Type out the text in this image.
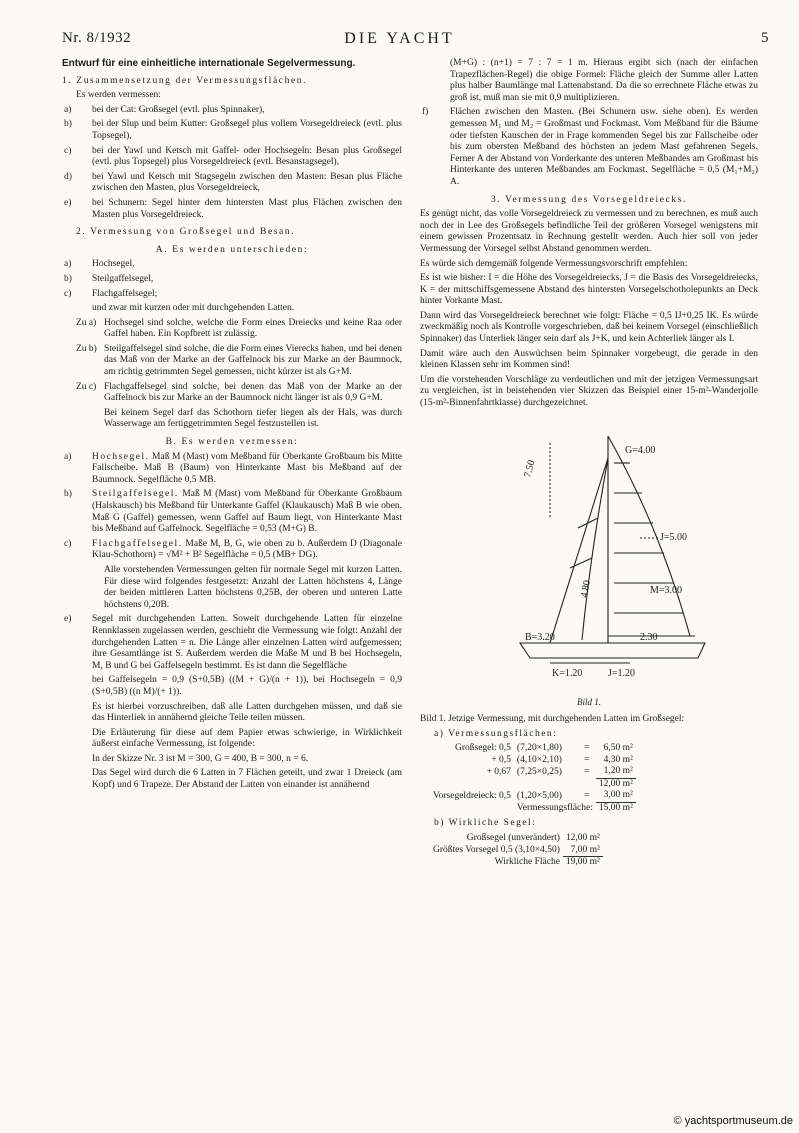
Nr. 8/1932	DIE YACHT	5

Entwurf für eine einheitliche internationale Segelvermessung.

1. Zusammensetzung der Vermessungsflächen.

Es werden vermessen:

a) bei der Cat: Großsegel (evtl. plus Spinnaker),

b) bei der Slup und beim Kutter: Großsegel plus vollem Vorsegeldreieck (evtl. plus Topsegel),

c) bei der Yawl und Ketsch mit Gaffel- oder Hochsegeln: Besan plus Großsegel (evtl. plus Topsegel) plus Vorsegeldreieck (evtl. Besanstagsegel),

d) bei Yawl und Ketsch mit Stagsegeln zwischen den Masten: Besan plus Fläche zwischen den Masten, plus Vorsegeldreieck,

e) bei Schunern: Segel hinter dem hintersten Mast plus Flächen zwischen den Masten plus Vorsegeldreieck.

2. Vermessung von Großsegel und Besan.

A. Es werden unterschieden:

a) Hochsegel,

b) Steilgaffelsegel,

c) Flachgaffelsegel;

und zwar mit kurzen oder mit durchgehenden Latten.

Zu a) Hochsegel sind solche, welche die Form eines Dreiecks und keine Raa oder Gaffel haben. Ein Kopfbrett ist zulässig.

Zu b) Steilgaffelsegel sind solche, die die Form eines Vierecks haben, und bei denen das Maß von der Marke an der Gaffelnock bis zur Marke an der Baumnock, am richtig getrimmten Segel gemessen, nicht kürzer ist als G+M.

Zu c) Flachgaffelsegel sind solche, bei denen das Maß von der Marke an der Gaffelnock bis zur Marke an der Baumnock nicht länger ist als 0,9 G+M.

Bei keinem Segel darf das Schothorn tiefer liegen als der Hals, was durch Wasserwage am fertiggetrimmten Segel festzustellen ist.

B. Es werden vermessen:

a) Hochsegel. Maß M (Mast) vom Meßband für Oberkante Großbaum bis Mitte Fallscheibe. Maß B (Baum) von Hinterkante Mast bis Meßband auf der Baumnock. Segelfläche 0,5 MB.

b) Steilgaffelsegel. Maß M (Mast) vom Meßband für Oberkante Großbaum (Halskausch) bis Meßband für Unterkante Gaffel (Klaukausch) Maß B wie oben. Maß G (Gaffel) gemessen, wenn Gaffel auf Baum liegt, von Hinterkante Mast bis Meßband auf Gaffelnock. Segelfläche = 0,53 (M+G) B.

c) Flachgaffelsegel. Maße M, B, G, wie oben zu b. Außerdem D (Diagonale Klau-Schothorn) = √M² + B² Segelfläche = 0,5 (MB+ DG).

Alle vorstehenden Vermessungen gelten für normale Segel mit kurzen Latten. Für diese wird folgendes festgesetzt: Anzahl der Latten höchstens 4, Länge der beiden mittleren Latten höchstens 0,25B, der oberen und unteren Latte höchstens 0,20B.

e) Segel mit durchgehenden Latten. Soweit durchgehende Latten für einzelne Rennklassen zugelassen werden, geschieht die Vermessung wie folgt: Anzahl der durchgehenden Latten = n. Die Länge aller einzelnen Latten wird aufgemessen; ihre Gesamtlänge ist S. Außerdem werden die Maße M und B bei Hochsegeln, M, B und G bei Gaffelsegeln bestimmt. Es ist dann die Segelfläche

bei Gaffelsegeln = 0,9 (S+0,5B) ((M + G)/(n + 1)), bei Hochsegeln = 0,9 (S+0,5B) ((n M)/(+ 1)).

Es ist hierbei vorzuschreiben, daß alle Latten durchgehen müssen, und daß sie das Hinterliek in annähernd gleiche Teile teilen müssen.

Die Erläuterung für diese auf dem Papier etwas schwierige, in Wirklichkeit äußerst einfache Vermessung, ist folgende:

In der Skizze Nr. 3 ist M = 300, G = 400, B = 300, n = 6.

Das Segel wird durch die 6 Latten in 7 Flächen geteilt, und zwar 1 Dreieck (am Kopf) und 6 Trapeze. Der Abstand der Latten von einander ist annähernd

(M+G) : (n+1) = 7 : 7 = 1 m. Hieraus ergibt sich (nach der einfachen Trapezflächen-Regel) die obige Formel: Fläche gleich der Summe aller Latten plus halber Baumlänge mal Lattenabstand. Da die so errechnete Fläche etwas zu groß ist, muß man sie mit 0,9 multiplizieren.

f) Flächen zwischen den Masten. (Bei Schunern usw. siehe oben). Es werden gemessen M₁ und M₂ = Großmast und Fockmast. Vom Meßband für die Bäume oder tiefsten Kauschen der in Frage kommenden Segel bis zur Fallscheibe oder bis zum obersten Meßband des höchsten an jedem Mast gefahrenen Segels. Ferner A der Abstand von Vorderkante des unteren Meßbandes am Großmast bis Hinterkante des unteren Meßbandes am Fockmast. Segelfläche = 0,5 (M₁+M₂) A.

3. Vermessung des Vorsegeldreiecks.

Es genügt nicht, das volle Vorsegeldreieck zu vermessen und zu berechnen, es muß auch noch der in Lee des Großsegels befindliche Teil der größeren Vorsegel wenigstens mit einem gewissen Prozentsatz in Rechnung gestellt werden. Auch hier soll von jeder Vermessung der Vorsegel selbst Abstand genommen werden.

Es würde sich demgemäß folgende Vermessungsvorschrift empfehlen:

Es ist wie bisher: I = die Höhe des Vorsegeldreiecks, J = die Basis des Vorsegeldreiecks, K = der mittschiffsgemessene Abstand des hintersten Vorsegelschotholepunkts an Deck hinter Vorkante Mast.

Dann wird das Vorsegeldreieck berechnet wie folgt: Fläche = 0,5 IJ+0,25 IK. Es würde zweckmäßig noch als Kontrolle vorgeschrieben, daß bei keinem Vorsegel (einschließlich Spinnaker) das Unterliek länger sein darf als J+K, und kein Achterliek länger als I.

Damit wäre auch den Auswüchsen beim Spinnaker vorgebeugt, die gerade in den kleinen Klassen sehr im Kommen sind!

Um die vorstehenden Vorschläge zu verdeutlichen und mit der jetzigen Vermessungsart zu vergleichen, ist in beistehenden vier Skizzen das Beispiel einer 15-m²-Wanderjolle (15-m²-Binnenfahrtklasse) durchgezeichnet.

7.50
G=4.00
J=5.00
4.80	M=3.00
B=3.20	2.30
K=1.20	J=1.20
Bild 1.

Bild 1. Jetzige Vermessung, mit durchgehenden Latten im Großsegel:

a) Vermessungsflächen:

Großsegel: 0,5	(7,20×1,80)	=	6,50 m²
+ 0,5	(4,10×2,10)	=	4,30 m²
+ 0,67	(7,25×0,25)	=	1,20 m²
			12,00 m²
Vorsegeldreieck: 0,5	(1,20×5,00)	=	3,00 m²
	Vermessungsfläche:		15,00 m²

b) Wirkliche Segel:

Großsegel (unverändert)	12,00 m²
Größtes Vorsegel 0,5 (3,10×4,50)	7,00 m²
Wirkliche Fläche	19,00 m²
© yachtsportmuseum.de
